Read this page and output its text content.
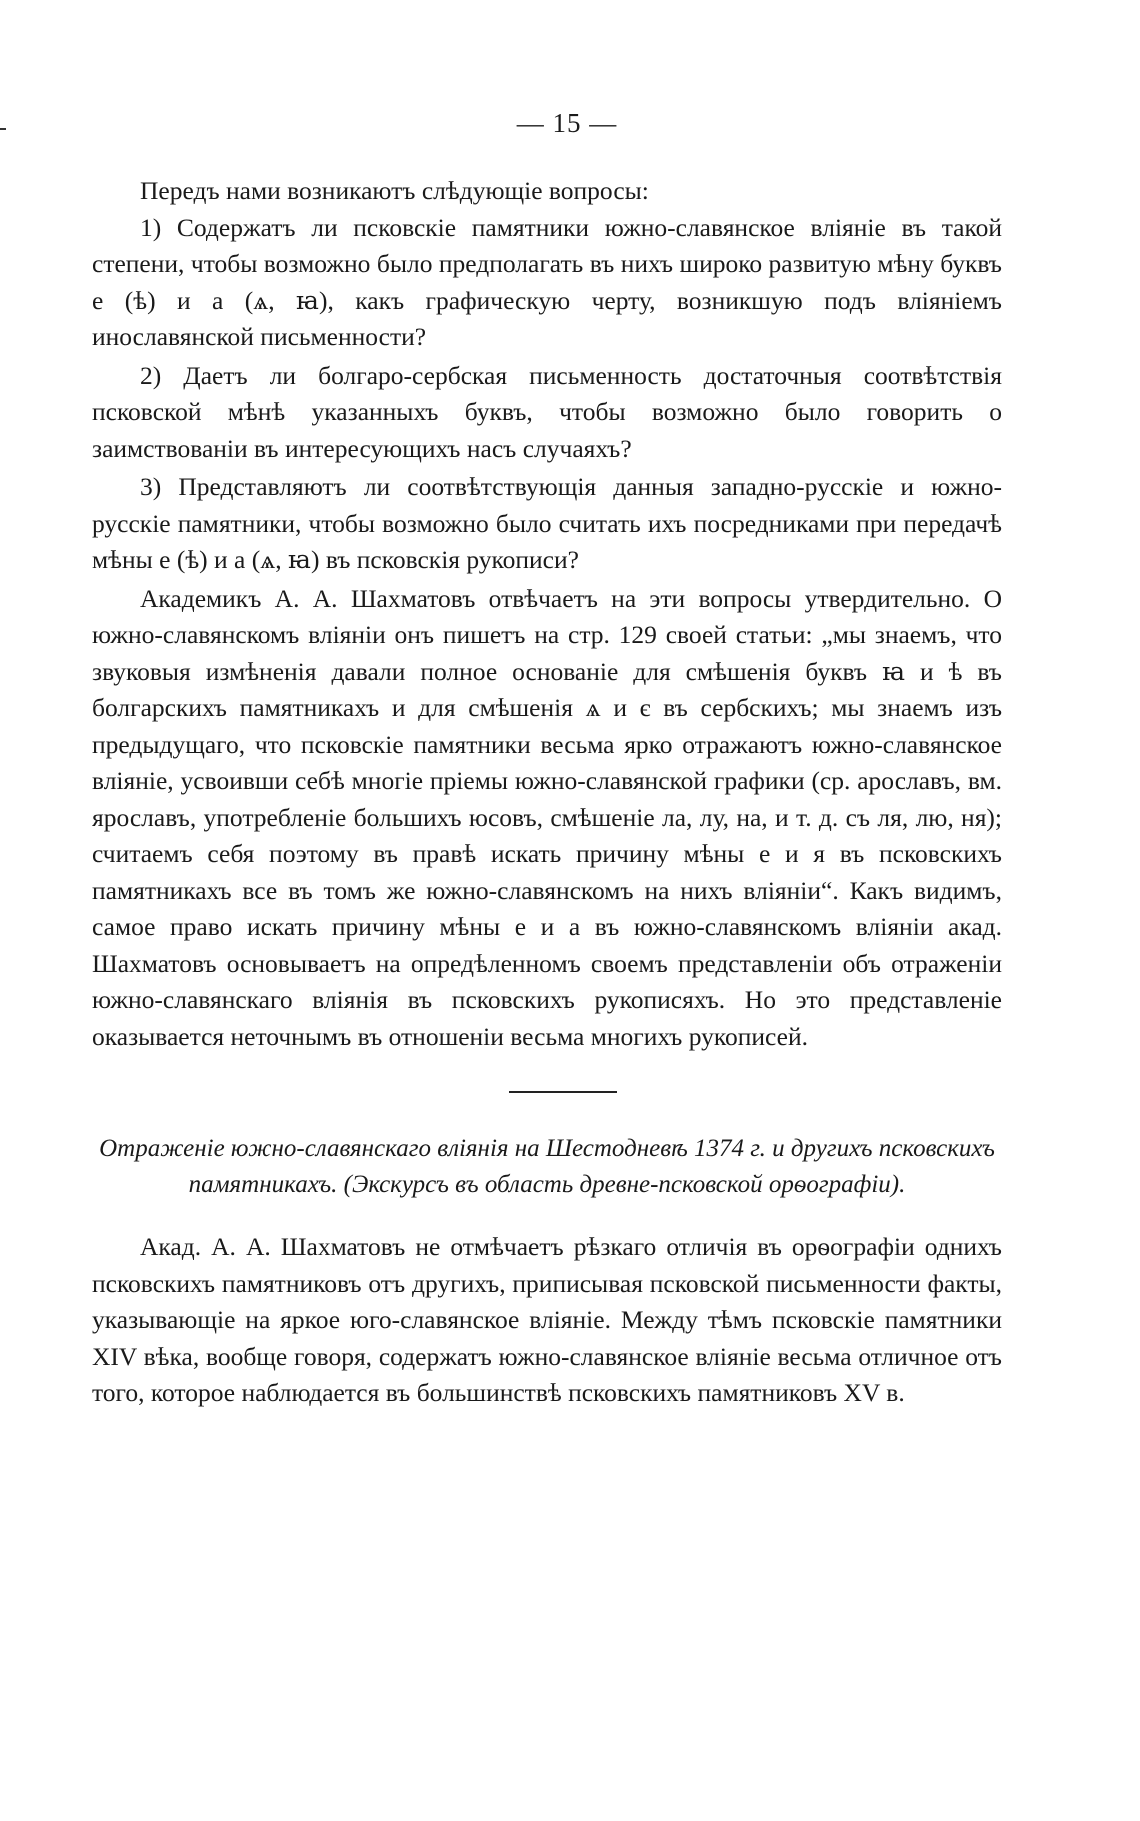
— 15 —

Передъ нами возникаютъ слѣдующіе вопросы:

1) Содержатъ ли псковскіе памятники южно-славянское вліяніе въ такой степени, чтобы возможно было предполагать въ нихъ широко развитую мѣну буквъ е (ѣ) и а (ѧ, ꙗ), какъ графическую черту, возникшую подъ вліяніемъ инославянской письменности?

2) Даетъ ли болгаро-сербская письменность достаточныя соотвѣтствія псковской мѣнѣ указанныхъ буквъ, чтобы возможно было говорить о заимствованіи въ интересующихъ насъ случаяхъ?

3) Представляютъ ли соотвѣтствующія данныя западно-русскіе и южно-русскіе памятники, чтобы возможно было считать ихъ посредниками при передачѣ мѣны е (ѣ) и а (ѧ, ꙗ) въ псковскія рукописи?

Академикъ А. А. Шахматовъ отвѣчаетъ на эти вопросы утвердительно. О южно-славянскомъ вліяніи онъ пишетъ на стр. 129 своей статьи: „мы знаемъ, что звуковыя измѣненія давали полное основаніе для смѣшенія буквъ ꙗ и ѣ въ болгарскихъ памятникахъ и для смѣшенія ѧ и є въ сербскихъ; мы знаемъ изъ предыдущаго, что псковскіе памятники весьма ярко отражаютъ южно-славянское вліяніе, усвоивши себѣ многіе пріемы южно-славянской графики (ср. арославъ, вм. ярославъ, употребленіе большихъ юсовъ, смѣшеніе ла, лу, на, и т. д. съ ля, лю, ня); считаемъ себя поэтому въ правѣ искать причину мѣны е и я въ псковскихъ памятникахъ все въ томъ же южно-славянскомъ на нихъ вліяніи“. Какъ видимъ, самое право искать причину мѣны е и а въ южно-славянскомъ вліяніи акад. Шахматовъ основываетъ на опредѣленномъ своемъ представленіи объ отраженіи южно-славянскаго вліянія въ псковскихъ рукописяхъ. Но это представленіе оказывается неточнымъ въ отношеніи весьма многихъ рукописей.

Отраженіе южно-славянскаго вліянія на Шестодневѣ 1374 г. и другихъ псковскихъ памятникахъ. (Экскурсъ въ область древне-псковской орѳографіи).

Акад. А. А. Шахматовъ не отмѣчаетъ рѣзкаго отличія въ орѳографіи однихъ псковскихъ памятниковъ отъ другихъ, приписывая псковской письменности факты, указывающіе на яркое юго-славянское вліяніе. Между тѣмъ псковскіе памятники XIV вѣка, вообще говоря, содержатъ южно-славянское вліяніе весьма отличное отъ того, которое наблюдается въ большинствѣ псковскихъ памятниковъ XV в.
